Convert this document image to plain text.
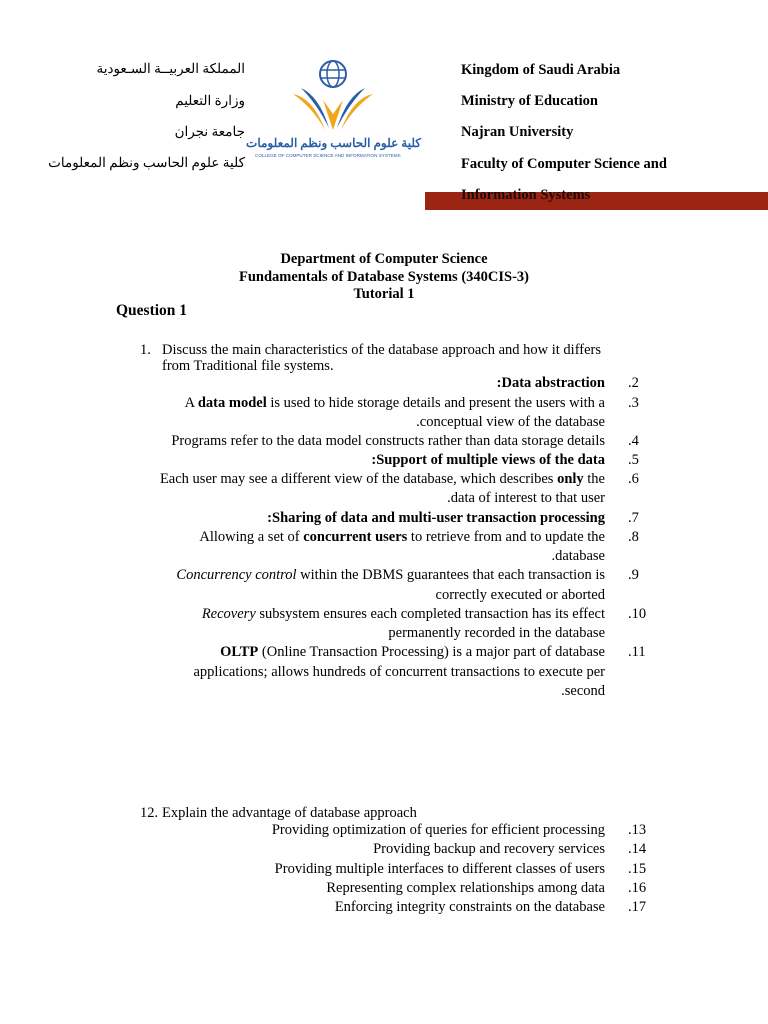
المملكة العربيــة السـعودية
وزارة التعليم
جامعة نجران
كلية علوم الحاسب ونظم المعلومات
كلية علوم الحاسب ونظم المعلومات
COLLEGE OF COMPUTER SCIENCE AND INFORMATION SYSTEMS
Kingdom of Saudi Arabia
Ministry of Education
Najran University
Faculty of Computer Science and
Information Systems
Department of Computer Science
Fundamentals of Database Systems (340CIS-3)
Tutorial 1
Question 1
1. Discuss the main characteristics of the database approach and how it differs
from Traditional file systems.
:Data abstraction .2
A data model is used to hide storage details and present the users with a
.conceptual view of the database
.3
Programs refer to the data model constructs rather than data storage details .4
:Support of multiple views of the data .5
Each user may see a different view of the database, which describes only the
.data of interest to that user
.6
:Sharing of data and multi-user transaction processing .7
Allowing a set of concurrent users to retrieve from and to update the
.database
.8
Concurrency control within the DBMS guarantees that each transaction is
correctly executed or aborted
.9
Recovery subsystem ensures each completed transaction has its effect
permanently recorded in the database
.10
OLTP (Online Transaction Processing) is a major part of database
applications; allows hundreds of concurrent transactions to execute per
.second
.11
12. Explain the advantage of database approach
Providing optimization of queries for efficient processing .13
Providing backup and recovery services .14
Providing multiple interfaces to different classes of users .15
Representing complex relationships among data .16
Enforcing integrity constraints on the database .17
